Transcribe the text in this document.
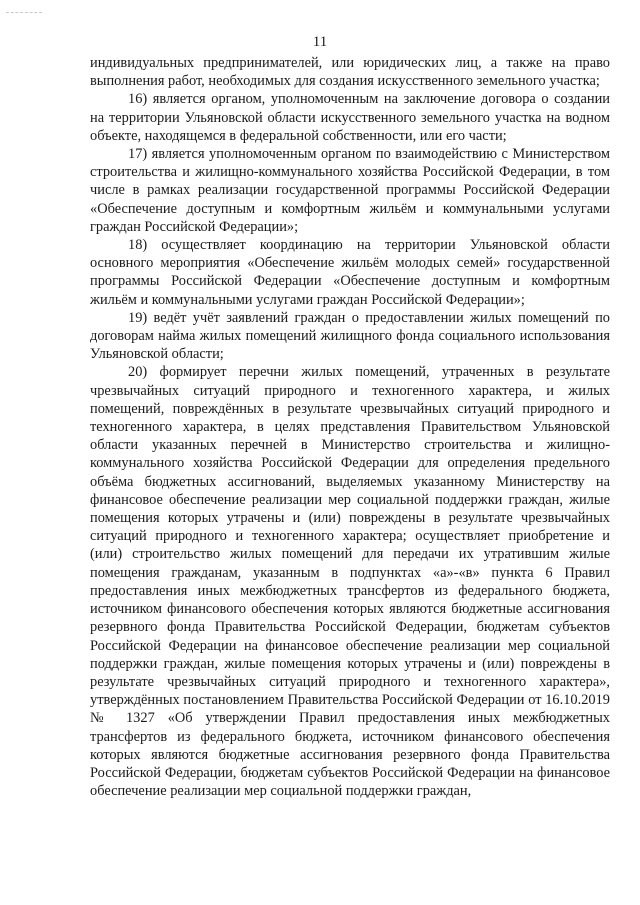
11

индивидуальных предпринимателей, или юридических лиц, а также на право выполнения работ, необходимых для создания искусственного земельного участка;

16) является органом, уполномоченным на заключение договора о создании на территории Ульяновской области искусственного земельного участка на водном объекте, находящемся в федеральной собственности, или его части;

17) является уполномоченным органом по взаимодействию с Министерством строительства и жилищно-коммунального хозяйства Российской Федерации, в том числе в рамках реализации государственной программы Российской Федерации «Обеспечение доступным и комфортным жильём и коммунальными услугами граждан Российской Федерации»;

18) осуществляет координацию на территории Ульяновской области основного мероприятия «Обеспечение жильём молодых семей» государственной программы Российской Федерации «Обеспечение доступным и комфортным жильём и коммунальными услугами граждан Российской Федерации»;

19) ведёт учёт заявлений граждан о предоставлении жилых помещений по договорам найма жилых помещений жилищного фонда социального использования Ульяновской области;

20) формирует перечни жилых помещений, утраченных в результате чрезвычайных ситуаций природного и техногенного характера, и жилых помещений, повреждённых в результате чрезвычайных ситуаций природного и техногенного характера, в целях представления Правительством Ульяновской области указанных перечней в Министерство строительства и жилищно-коммунального хозяйства Российской Федерации для определения предельного объёма бюджетных ассигнований, выделяемых указанному Министерству на финансовое обеспечение реализации мер социальной поддержки граждан, жилые помещения которых утрачены и (или) повреждены в результате чрезвычайных ситуаций природного и техногенного характера; осуществляет приобретение и (или) строительство жилых помещений для передачи их утратившим жилые помещения гражданам, указанным в подпунктах «а»-«в» пункта 6 Правил предоставления иных межбюджетных трансфертов из федерального бюджета, источником финансового обеспечения которых являются бюджетные ассигнования резервного фонда Правительства Российской Федерации, бюджетам субъектов Российской Федерации на финансовое обеспечение реализации мер социальной поддержки граждан, жилые помещения которых утрачены и (или) повреждены в результате чрезвычайных ситуаций природного и техногенного характера», утверждённых постановлением Правительства Российской Федерации от 16.10.2019 № 1327 «Об утверждении Правил предоставления иных межбюджетных трансфертов из федерального бюджета, источником финансового обеспечения которых являются бюджетные ассигнования резервного фонда Правительства Российской Федерации, бюджетам субъектов Российской Федерации на финансовое обеспечение реализации мер социальной поддержки граждан,
